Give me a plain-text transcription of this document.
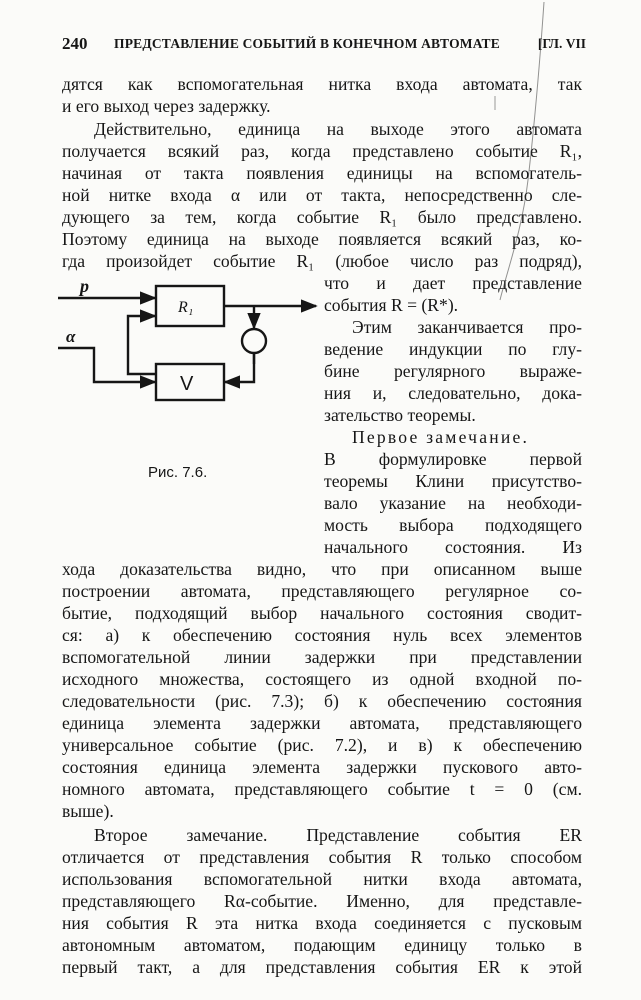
240 ПРЕДСТАВЛЕНИЕ СОБЫТИЙ В КОНЕЧНОМ АВТОМАТЕ	[ГЛ. VII
дятся как вспомогательная нитка входа автомата, так
и его выход через задержку.
Действительно, единица на выходе этого автомата
получается всякий раз, когда представлено событие R₁,
начиная от такта появления единицы на вспомогатель-
ной нитке входа α или от такта, непосредственно сле-
дующего за тем, когда событие R₁ было представлено.
Поэтому единица на выходе появляется всякий раз, ко-
гда произойдет событие R₁ (любое число раз подряд),
что и дает представление
события R = (R*).
Этим заканчивается про-
ведение индукции по глу-
бине регулярного выраже-
ния и, следовательно, дока-
зательство теоремы.
Первое замечание.
В формулировке первой
теоремы Клини присутство-
вало указание на необходи-
мость выбора подходящего
начального состояния. Из
хода доказательства видно, что при описанном выше
построении автомата, представляющего регулярное со-
бытие, подходящий выбор начального состояния сводит-
ся: а) к обеспечению состояния нуль всех элементов
вспомогательной линии задержки при представлении
исходного множества, состоящего из одной входной по-
следовательности (рис. 7.3); б) к обеспечению состояния
единица элемента задержки автомата, представляющего
универсальное событие (рис. 7.2), и в) к обеспечению
состояния единица элемента задержки пускового авто-
номного автомата, представляющего событие t = 0 (см.
выше).
Второе замечание. Представление события ER
отличается от представления события R только способом
использования вспомогательной нитки входа автомата,
представляющего Rα-событие. Именно, для представле-
ния события R эта нитка входа соединяется с пусковым
автономным автоматом, подающим единицу только в
первый такт, а для представления события ER к этой
p
α
R₁
V
Рис. 7.6.
